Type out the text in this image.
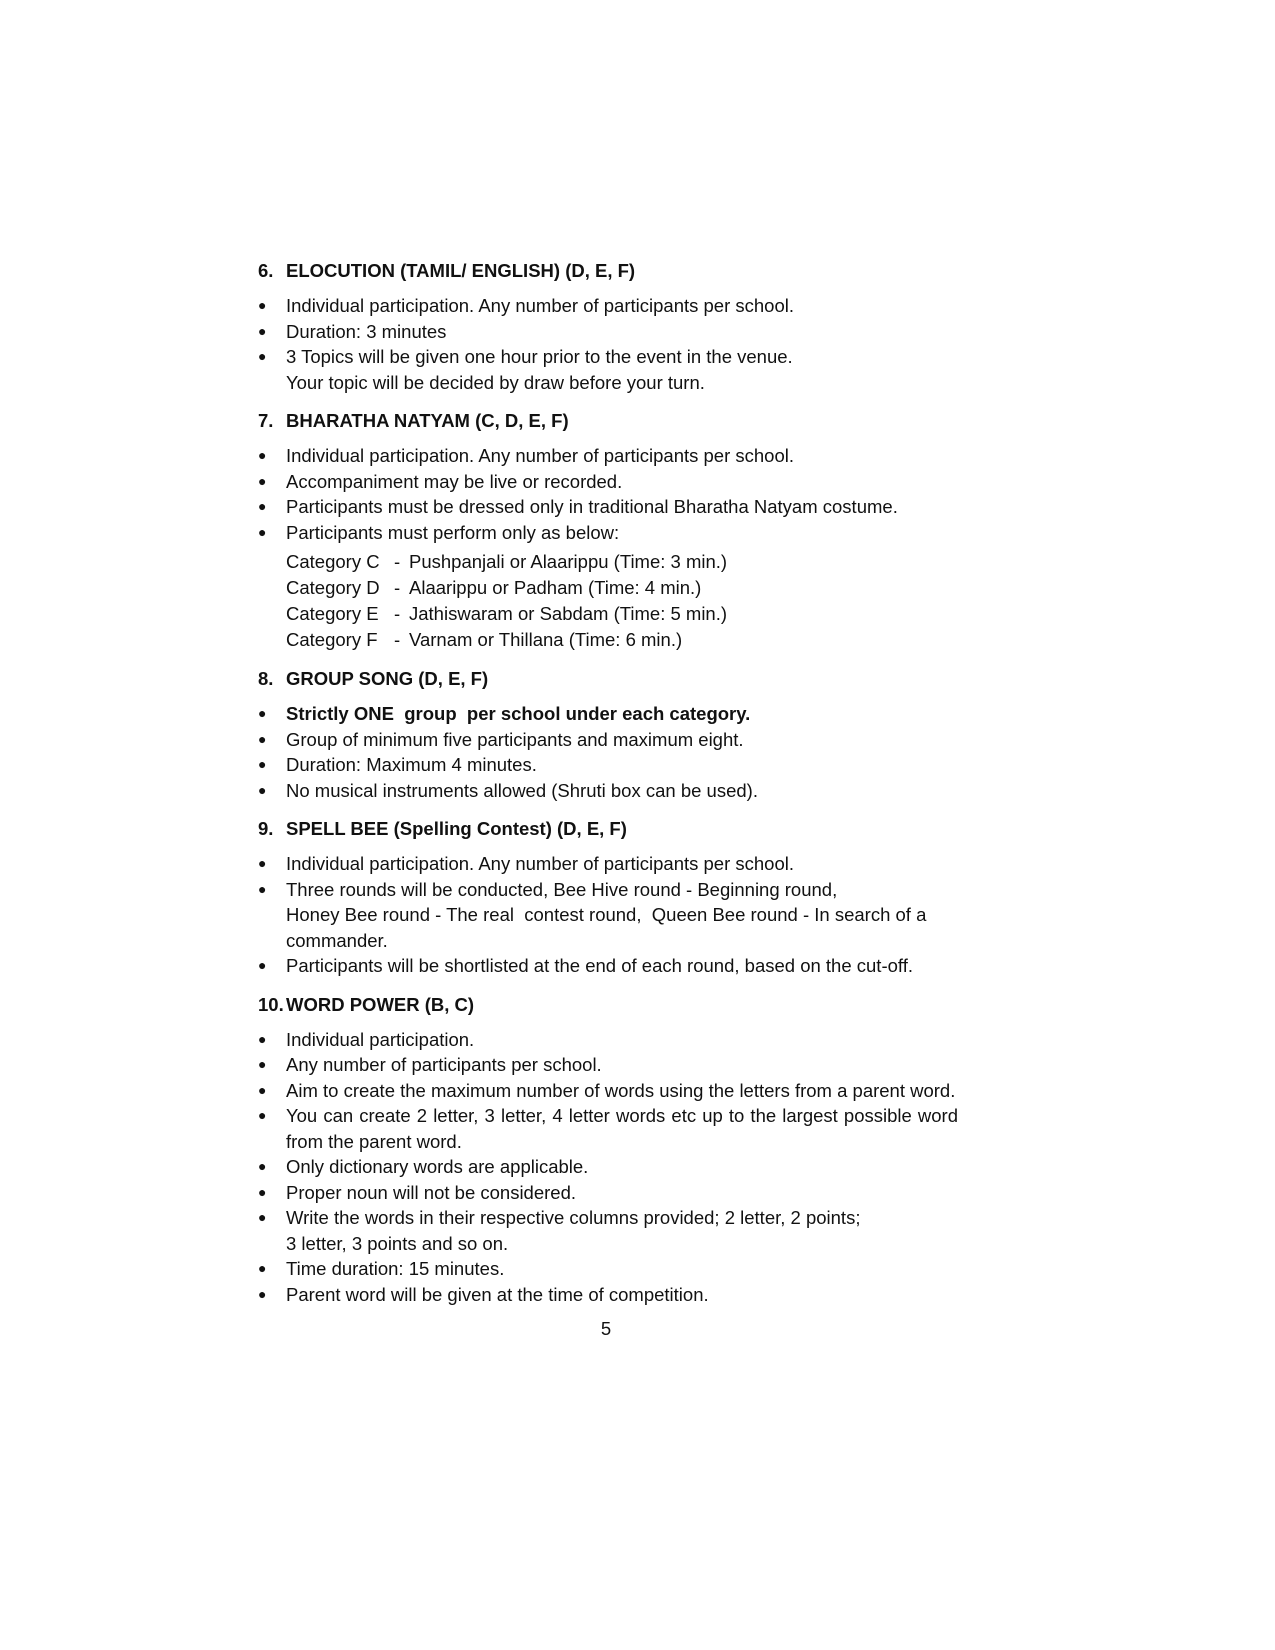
6. ELOCUTION (TAMIL/ ENGLISH) (D, E, F)
●	Individual participation. Any number of participants per school.
●	Duration: 3 minutes
●	3 Topics will be given one hour prior to the event in the venue.
Your topic will be decided by draw before your turn.
7. BHARATHA NATYAM (C, D, E, F)
●	Individual participation. Any number of participants per school.
●	Accompaniment may be live or recorded.
●	Participants must be dressed only in traditional Bharatha Natyam costume.
●	Participants must perform only as below:
Category C - Pushpanjali or Alaarippu (Time: 3 min.)
Category D - Alaarippu or Padham (Time: 4 min.)
Category E - Jathiswaram or Sabdam (Time: 5 min.)
Category F - Varnam or Thillana (Time: 6 min.)
8. GROUP SONG (D, E, F)
●	Strictly ONE  group  per school under each category.
●	Group of minimum five participants and maximum eight.
●	Duration: Maximum 4 minutes.
●	No musical instruments allowed (Shruti box can be used).
9. SPELL BEE (Spelling Contest) (D, E, F)
●	Individual participation. Any number of participants per school.
●	Three rounds will be conducted, Bee Hive round - Beginning round,
Honey Bee round - The real  contest round,  Queen Bee round - In search of a
commander.
●	Participants will be shortlisted at the end of each round, based on the cut-off.
10. WORD POWER (B, C)
●	Individual participation.
●	Any number of participants per school.
●	Aim to create the maximum number of words using the letters from a parent word.
●	You can create 2 letter, 3 letter, 4 letter words etc up to the largest possible word from the parent word.
●	Only dictionary words are applicable.
●	Proper noun will not be considered.
●	Write the words in their respective columns provided; 2 letter, 2 points;
3 letter, 3 points and so on.
●	Time duration: 15 minutes.
●	Parent word will be given at the time of competition.
5
